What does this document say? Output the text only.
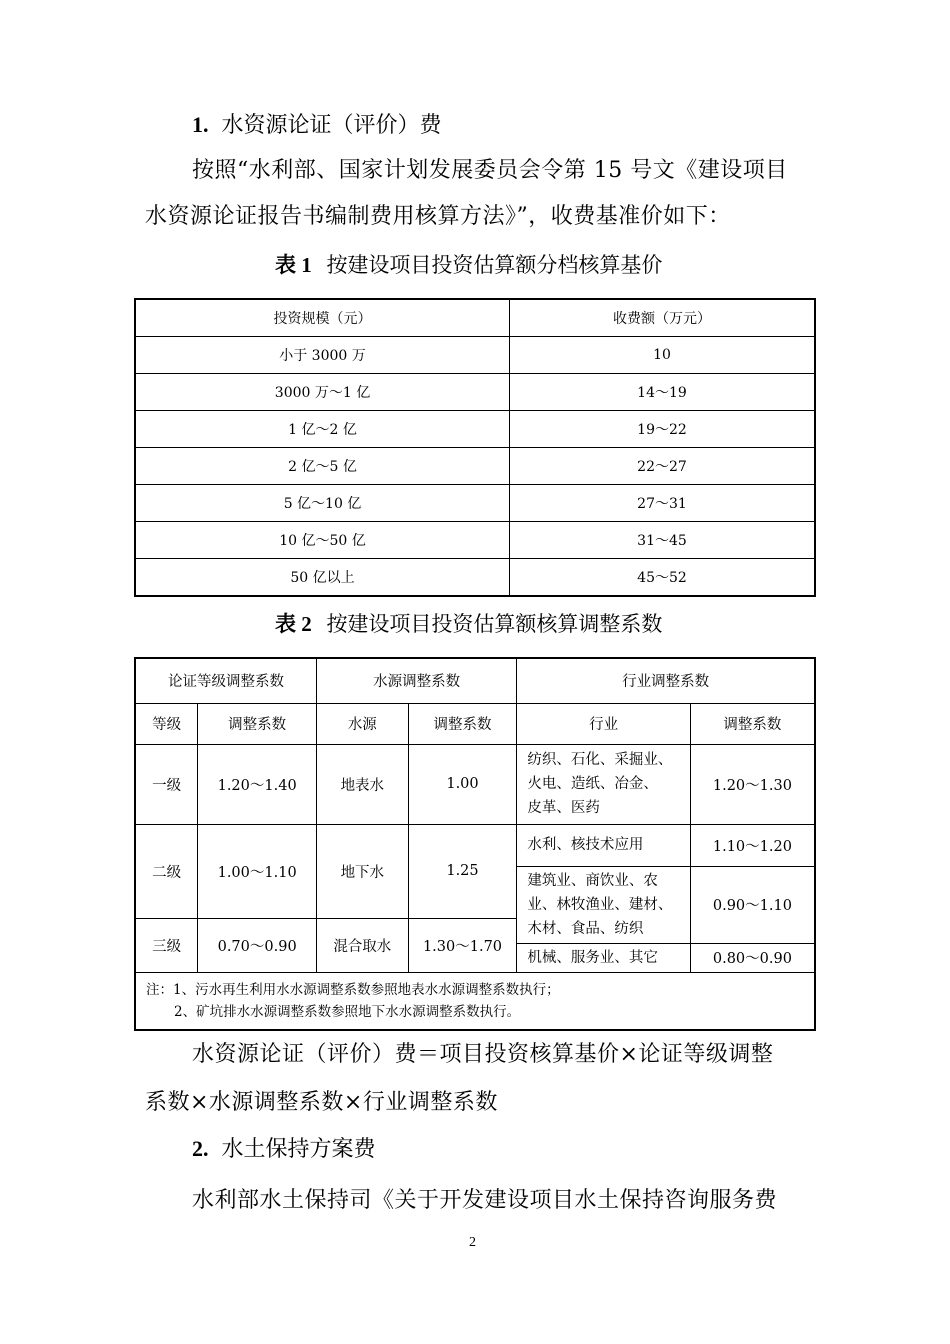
1. 水资源论证（评价）费
按照“水利部、国家计划发展委员会令第 15 号文《建设项目
水资源论证报告书编制费用核算方法》”，收费基准价如下：
表 1 按建设项目投资估算额分档核算基价
投资规模（元）	收费额（万元）
小于 3000 万	10
3000 万～1 亿	14～19
1 亿～2 亿	19～22
2 亿～5 亿	22～27
5 亿～10 亿	27～31
10 亿～50 亿	31～45
50 亿以上	45～52
表 2 按建设项目投资估算额核算调整系数
论证等级调整系数		水源调整系数		行业调整系数	
等级	调整系数	水源	调整系数	行业	调整系数
一级	1.20～1.40	地表水	1.00	纺织、石化、采掘业、
火电、造纸、冶金、
皮革、医药	1.20～1.30
二级	1.00～1.10	地下水	1.25	水利、核技术应用	1.10～1.20

				建筑业、商饮业、农
业、林牧渔业、建材、
木材、食品、纺织	0.90～1.10
三级	0.70～0.90	混合取水	1.30～1.70		

				机械、服务业、其它	0.80～0.90

注：1、污水再生利用水水源调整系数参照地表水水源调整系数执行；
2、矿坑排水水源调整系数参照地下水水源调整系数执行。					
水资源论证（评价）费＝项目投资核算基价×论证等级调整
系数×水源调整系数×行业调整系数
2. 水土保持方案费
水利部水土保持司《关于开发建设项目水土保持咨询服务费
2
